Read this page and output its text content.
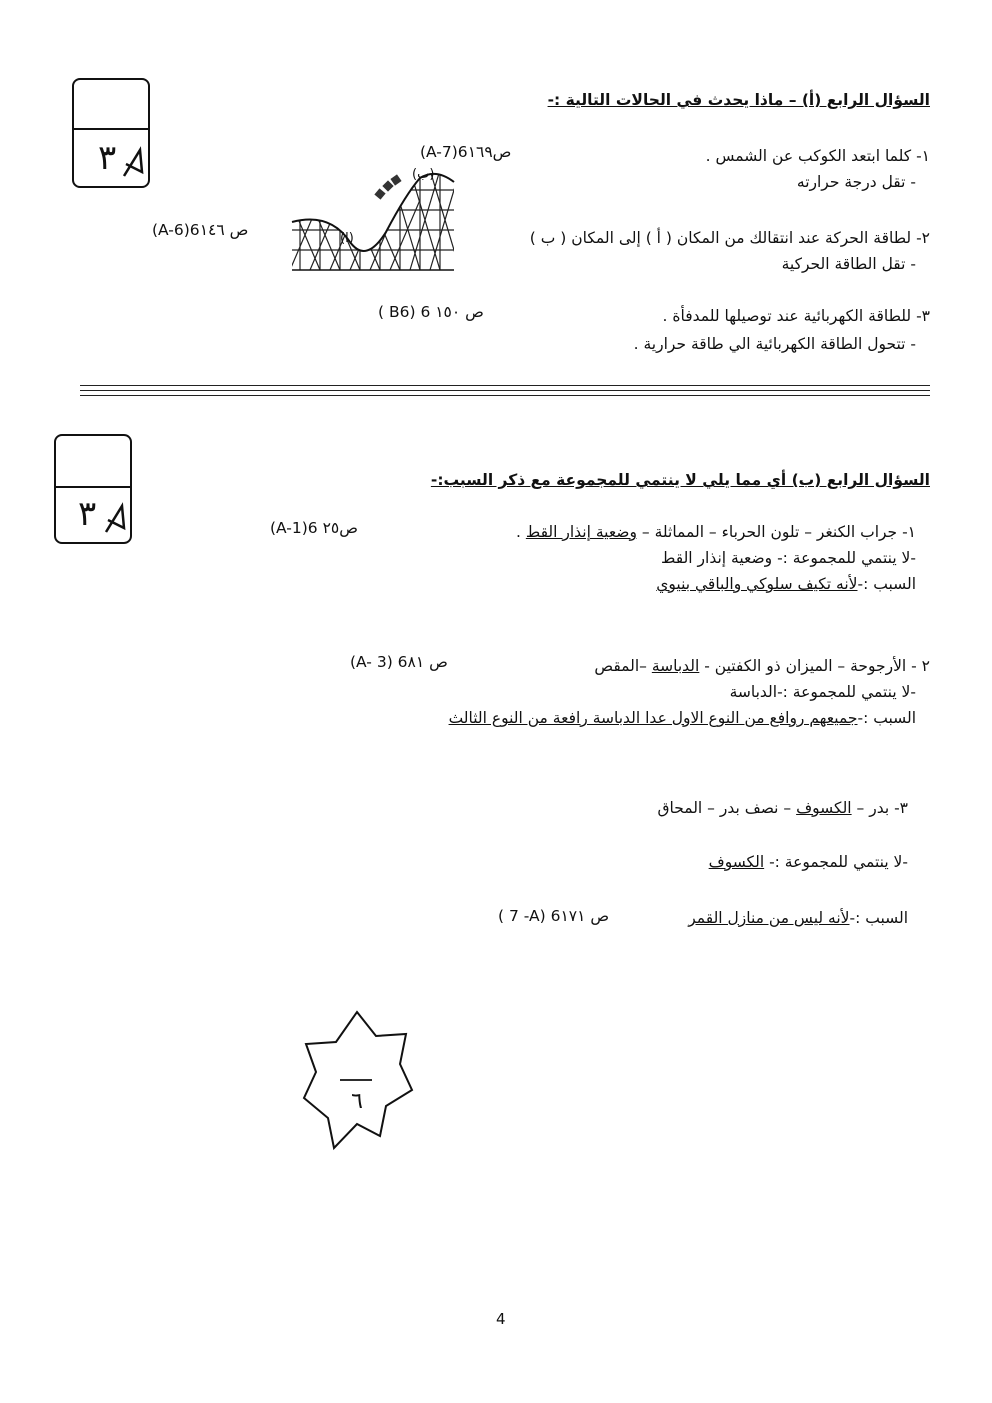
٣
السؤال الرابع (أ) – ماذا يحدث في الحالات التالية :-
١- كلما ابتعد الكوكب عن الشمس .
(A-7)6ص١٦٩
- تقل درجة حرارته
(ا)
(ب)
٢- لطاقة الحركة عند انتقالك من المكان ( أ ) إلى المكان ( ب )
(A-6)6ص ١٤٦
- تقل الطاقة الحركية
٣- للطاقة الكهربائية عند توصيلها للمدفأة .
( B6) 6 ص ١٥٠
- تتحول الطاقة الكهربائية الي طاقة حرارية .
٣
السؤال الرابع (ب) أي مما يلي لا ينتمي للمجموعة مع ذكر السبب:-
١- جراب الكنغر – تلون الحرباء – المماثلة – وضعية إنذار القط .
(A-1)6 ص٢٥
-لا ينتمي للمجموعة :- وضعية إنذار القط
السبب :-لأنه تكيف سلوكي والباقي بنيوي
٢ - الأرجوحة – الميزان ذو الكفتين - الدباسة –المقص
(A- 3) 6ص ٨١
-لا ينتمي للمجموعة :-الدباسة
السبب :-جميعهم روافع من النوع الاول عدا الدباسة رافعة من النوع الثالث
٣- بدر – الكسوف – نصف بدر – المحاق
-لا ينتمي للمجموعة :- الكسوف
السبب :-لأنه ليس من منازل القمر
( 7 -A) 6ص ١٧١
٦
4
